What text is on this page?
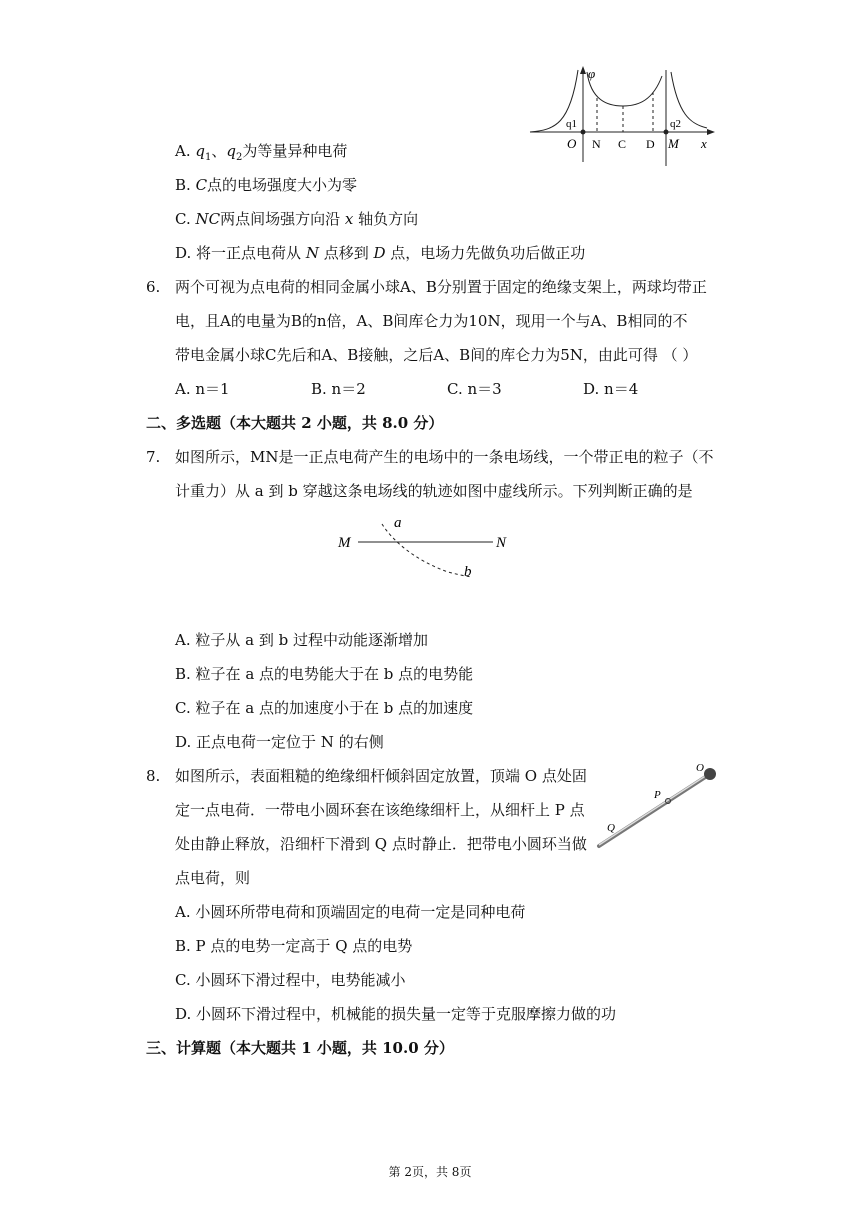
φ
x
q1	q2
O N C D M
A. $q_1$、$q_2$为等量异种电荷
B. C点的电场强度大小为零
C. NC两点间场强方向沿 x 轴负方向
D. 将一正点电荷从 N 点移到 D 点，电场力先做负功后做正功
6. 两个可视为点电荷的相同金属小球A、B分别置于固定的绝缘支架上，两球均带正
电，且A的电量为B的n倍，A、B间库仑力为10N，现用一个与A、B相同的不
带电金属小球C先后和A、B接触，之后A、B间的库仑力为5N，由此可得 （ ）
A. n＝1	B. n＝2	C. n＝3	D. n＝4
二、多选题（本大题共 2 小题，共 8.0 分）
7. 如图所示，MN是一正点电荷产生的电场中的一条电场线，一个带正电的粒子（不
计重力）从 a 到 b 穿越这条电场线的轨迹如图中虚线所示。下列判断正确的是
M	N
a
b
A. 粒子从 a 到 b 过程中动能逐渐增加
B. 粒子在 a 点的电势能大于在 b 点的电势能
C. 粒子在 a 点的加速度小于在 b 点的加速度
D. 正点电荷一定位于 N 的右侧
8. 如图所示，表面粗糙的绝缘细杆倾斜固定放置，顶端 O 点处固
定一点电荷．一带电小圆环套在该绝缘细杆上，从细杆上 P 点
处由静止释放，沿细杆下滑到 Q 点时静止．把带电小圆环当做
点电荷，则
O
P
Q
A. 小圆环所带电荷和顶端固定的电荷一定是同种电荷
B. P 点的电势一定高于 Q 点的电势
C. 小圆环下滑过程中，电势能减小
D. 小圆环下滑过程中，机械能的损失量一定等于克服摩擦力做的功
三、计算题（本大题共 1 小题，共 10.0 分）
第 2页，共 8页
